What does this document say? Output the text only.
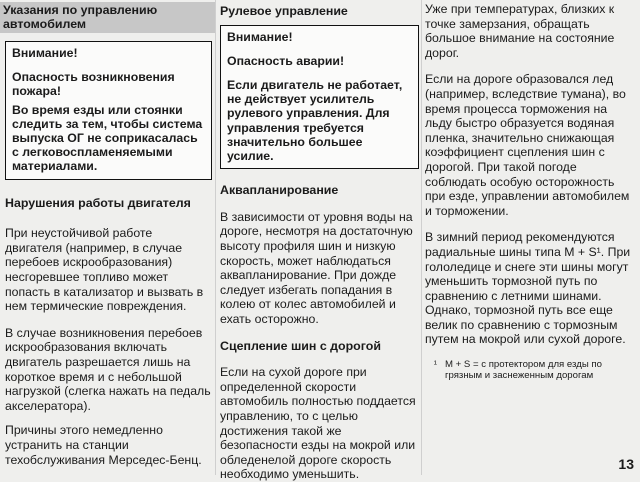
Указания по управлению автомобилем

Внимание!

Опасность возникновения пожара!

Во время езды или стоянки следить за тем, чтобы система выпуска ОГ не соприкасалась с легковоспламеняемыми материалами.

Нарушения работы двигателя

При неустойчивой работе двигателя (например, в случае перебоев искрообразования) несгоревшее топливо может попасть в катализатор и вызвать в нем термические повреждения.

В случае возникновения перебоев искрообразования включать двигатель разрешается лишь на короткое время и с небольшой нагрузкой (слегка нажать на педаль акселератора).

Причины этого немедленно устранить на станции техобслуживания Мерседес-Бенц.

Рулевое управление

Внимание!

Опасность аварии!

Если двигатель не работает, не действует усилитель рулевого управления. Для управления требуется значительно большее усилие.

Аквапланирование

В зависимости от уровня воды на дороге, несмотря на достаточную высоту профиля шин и низкую скорость, может наблюдаться аквапланирование. При дожде следует избегать попадания в колею от колес автомобилей и ехать осторожно.

Сцепление шин с дорогой

Если на сухой дороге при определенной скорости автомобиль полностью поддается управлению, то с целью достижения такой же безопасности езды на мокрой или обледенелой дороге скорость необходимо уменьшить.

Уже при температурах, близких к точке замерзания, обращать большое внимание на состояние дорог.

Если на дороге образовался лед (например, вследствие тумана), во время процесса торможения на льду быстро образуется водяная пленка, значительно снижающая коэффициент сцепления шин с дорогой. При такой погоде соблюдать особую осторожность при езде, управлении автомобилем и торможении.

В зимний период рекомендуются радиальные шины типа М + S¹. При гололедице и снеге эти шины могут уменьшить тормозной путь по сравнению с летними шинами. Однако, тормозной путь все еще велик по сравнению с тормозным путем на мокрой или сухой дороге.

¹ М + S = с протектором для езды по грязным и заснеженным дорогам
13
